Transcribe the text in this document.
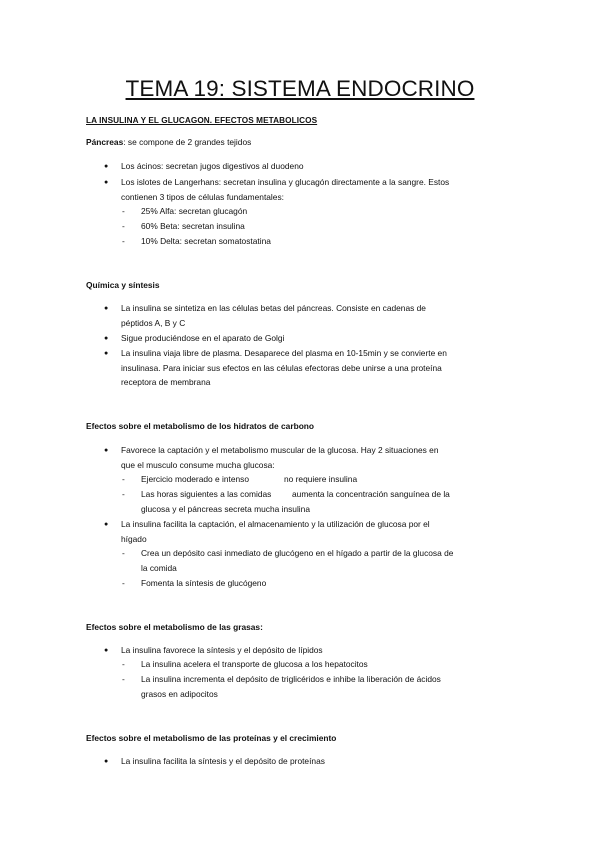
TEMA 19: SISTEMA ENDOCRINO
LA INSULINA Y EL GLUCAGON. EFECTOS METABOLICOS
Páncreas: se compone de 2 grandes tejidos
● Los ácinos: secretan jugos digestivos al duodeno
● Los islotes de Langerhans: secretan insulina y glucagón directamente a la sangre. Estos
contienen 3 tipos de células fundamentales:
- 25% Alfa: secretan glucagón
- 60% Beta: secretan insulina
- 10% Delta: secretan somatostatina
Química y síntesis
● La insulina se sintetiza en las células betas del páncreas. Consiste en cadenas de
péptidos A, B y C
● Sigue produciéndose en el aparato de Golgi
● La insulina viaja libre de plasma. Desaparece del plasma en 10-15min y se convierte en
insulinasa. Para iniciar sus efectos en las células efectoras debe unirse a una proteína
receptora de membrana
Efectos sobre el metabolismo de los hidratos de carbono
● Favorece la captación y el metabolismo muscular de la glucosa. Hay 2 situaciones en
que el musculo consume mucha glucosa:
- Ejercicio moderado e intenso	no requiere insulina
- Las horas siguientes a las comidas aumenta la concentración sanguínea de la
glucosa y el páncreas secreta mucha insulina
● La insulina facilita la captación, el almacenamiento y la utilización de glucosa por el
hígado
- Crea un depósito casi inmediato de glucógeno en el hígado a partir de la glucosa de
la comida
- Fomenta la síntesis de glucógeno
Efectos sobre el metabolismo de las grasas:
● La insulina favorece la síntesis y el depósito de lípidos
- La insulina acelera el transporte de glucosa a los hepatocitos
- La insulina incrementa el depósito de triglicéridos e inhibe la liberación de ácidos
grasos en adipocitos
Efectos sobre el metabolismo de las proteínas y el crecimiento
● La insulina facilita la síntesis y el depósito de proteínas
